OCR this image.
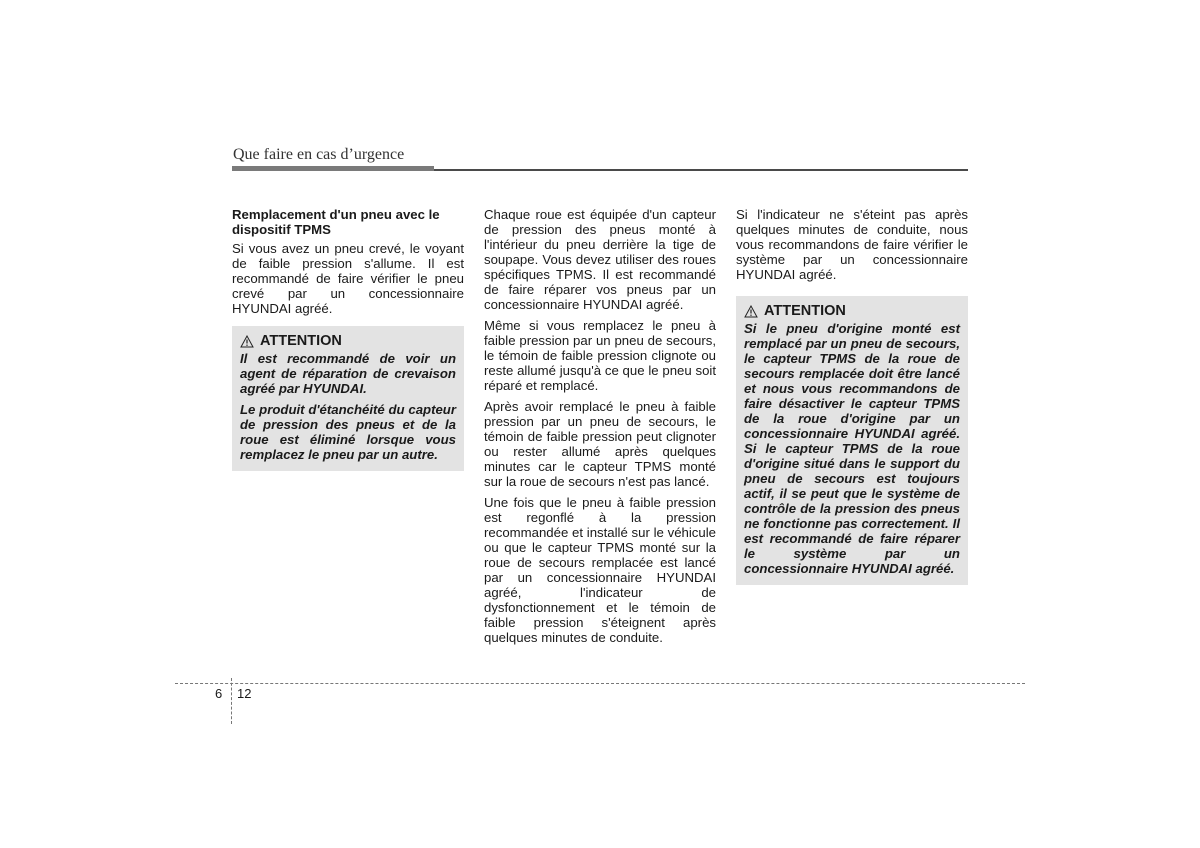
Que faire en cas d’urgence
Remplacement d'un pneu avec le dispositif TPMS

Si vous avez un pneu crevé, le voyant de faible pression s'allume. Il est recommandé de faire vérifier le pneu crevé par un concessionnaire HYUNDAI agréé.

ATTENTION

Il est recommandé de voir un agent de réparation de crevaison agréé par HYUNDAI.

Le produit d'étanchéité du capteur de pression des pneus et de la roue est éliminé lorsque vous remplacez le pneu par un autre.

Chaque roue est équipée d'un capteur de pression des pneus monté à l'intérieur du pneu derrière la tige de soupape. Vous devez utiliser des roues spécifiques TPMS. Il est recommandé de faire réparer vos pneus par un concessionnaire HYUNDAI agréé.

Même si vous remplacez le pneu à faible pression par un pneu de secours, le témoin de faible pression clignote ou reste allumé jusqu'à ce que le pneu soit réparé et remplacé.

Après avoir remplacé le pneu à faible pression par un pneu de secours, le témoin de faible pression peut clignoter ou rester allumé après quelques minutes car le capteur TPMS monté sur la roue de secours n'est pas lancé.

Une fois que le pneu à faible pression est regonflé à la pression recommandée et installé sur le véhicule ou que le capteur TPMS monté sur la roue de secours remplacée est lancé par un concessionnaire HYUNDAI agréé, l'indicateur de dysfonctionnement et le témoin de faible pression s'éteignent après quelques minutes de conduite.

Si l'indicateur ne s'éteint pas après quelques minutes de conduite, nous vous recommandons de faire vérifier le système par un concessionnaire HYUNDAI agréé.

ATTENTION

Si le pneu d'origine monté est remplacé par un pneu de secours, le capteur TPMS de la roue de secours remplacée doit être lancé et nous vous recommandons de faire désactiver le capteur TPMS de la roue d'origine par un concessionnaire HYUNDAI agréé. Si le capteur TPMS de la roue d'origine situé dans le support du pneu de secours est toujours actif, il se peut que le système de contrôle de la pression des pneus ne fonctionne pas correctement. Il est recommandé de faire réparer le système par un concessionnaire HYUNDAI agréé.

6 12
